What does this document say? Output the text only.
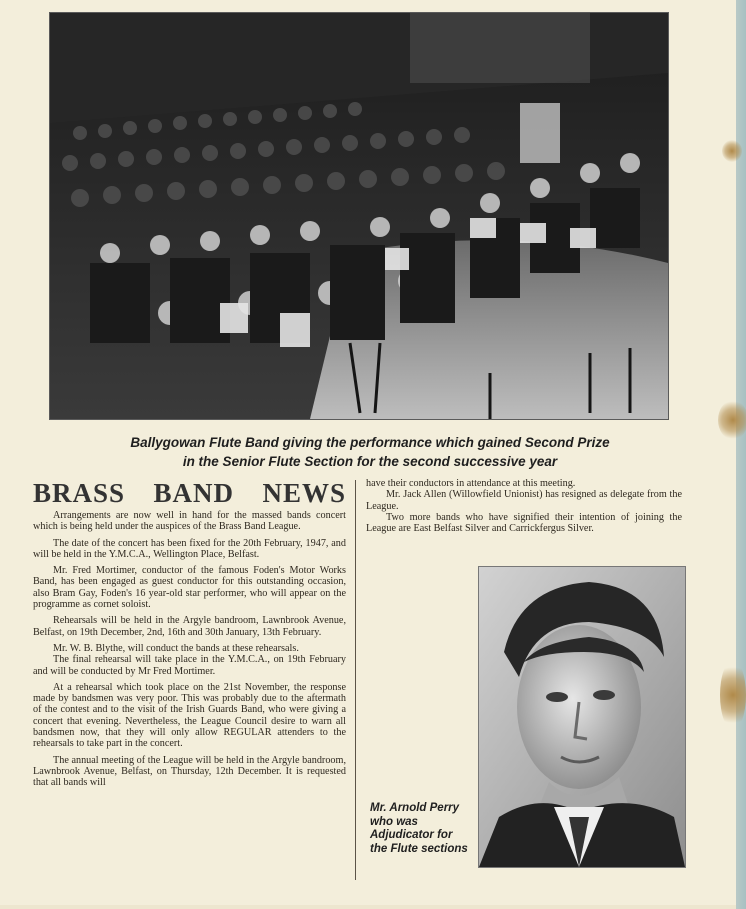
Ballygowan Flute Band giving the performance which gained Second Prize
in the Senior Flute Section for the second successive year
BRASS BAND NEWS

Arrangements are now well in hand for the massed bands concert which is being held under the auspices of the Brass Band League.

The date of the concert has been fixed for the 20th February, 1947, and will be held in the Y.M.C.A., Wellington Place, Belfast.

Mr. Fred Mortimer, conductor of the famous Foden's Motor Works Band, has been engaged as guest conductor for this outstanding occasion, also Bram Gay, Foden's 16 year-old star performer, who will appear on the programme as cornet soloist.

Rehearsals will be held in the Argyle bandroom, Lawnbrook Avenue, Belfast, on 19th December, 2nd, 16th and 30th January, 13th February.

Mr. W. B. Blythe, will conduct the bands at these rehearsals.

The final rehearsal will take place in the Y.M.C.A., on 19th February and will be conducted by Mr Fred Mortimer.

At a rehearsal which took place on the 21st November, the response made by bandsmen was very poor. This was probably due to the aftermath of the contest and to the visit of the Irish Guards Band, who were giving a concert that evening. Nevertheless, the League Council desire to warn all bandsmen now, that they will only allow REGULAR attenders to the rehearsals to take part in the concert.

The annual meeting of the League will be held in the Argyle bandroom, Lawnbrook Avenue, Belfast, on Thursday, 12th December. It is requested that all bands will

have their conductors in attendance at this meeting.

Mr. Jack Allen (Willowfield Unionist) has resigned as delegate from the League.

Two more bands who have signified their intention of joining the League are East Belfast Silver and Carrickfergus Silver.

Mr. Arnold Perry
who was
Adjudicator for
the Flute sections
